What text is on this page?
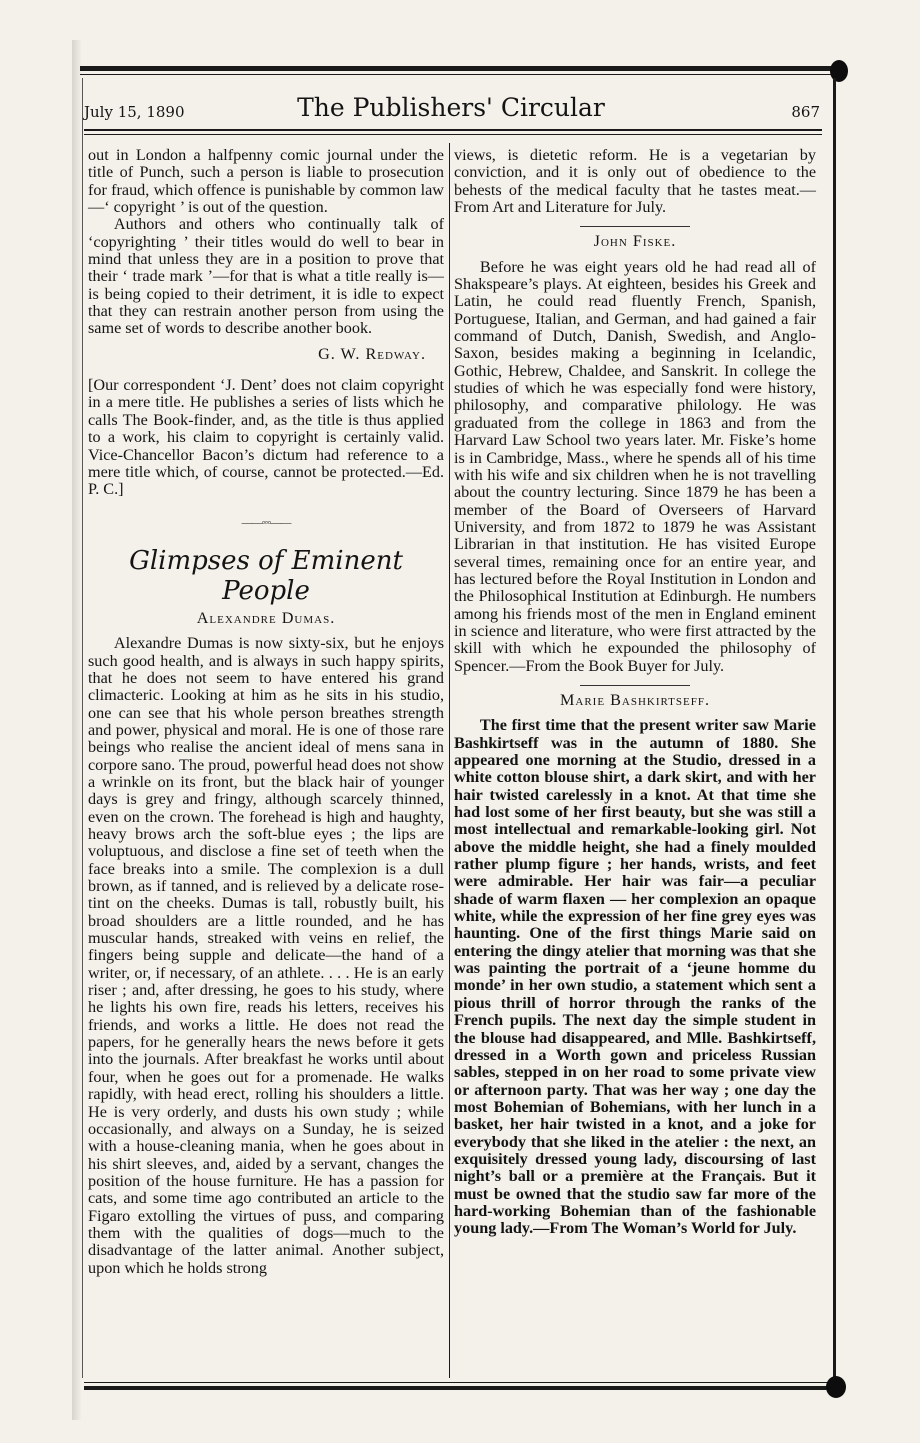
July 15, 1890	The Publishers' Circular	867

out in London a halfpenny comic journal under the title of Punch, such a person is liable to prosecution for fraud, which offence is punishable by common law—‘ copyright ’ is out of the question.

Authors and others who continually talk of ‘copyrighting ’ their titles would do well to bear in mind that unless they are in a position to prove that their ‘ trade mark ’—for that is what a title really is—is being copied to their detriment, it is idle to expect that they can restrain another person from using the same set of words to describe another book.

G. W. Redway.

[Our correspondent ‘J. Dent’ does not claim copyright in a mere title. He publishes a series of lists which he calls The Book-finder, and, as the title is thus applied to a work, his claim to copyright is certainly valid. Vice-Chancellor Bacon’s dictum had reference to a mere title which, of course, cannot be protected.—Ed. P. C.]

——◦◦◦——
Glimpses of Eminent People
Alexandre Dumas.

Alexandre Dumas is now sixty-six, but he enjoys such good health, and is always in such happy spirits, that he does not seem to have entered his grand climacteric. Looking at him as he sits in his studio, one can see that his whole person breathes strength and power, physical and moral. He is one of those rare beings who realise the ancient ideal of mens sana in corpore sano. The proud, powerful head does not show a wrinkle on its front, but the black hair of younger days is grey and fringy, although scarcely thinned, even on the crown. The forehead is high and haughty, heavy brows arch the soft-blue eyes ; the lips are voluptuous, and disclose a fine set of teeth when the face breaks into a smile. The complexion is a dull brown, as if tanned, and is relieved by a delicate rose-tint on the cheeks. Dumas is tall, robustly built, his broad shoulders are a little rounded, and he has muscular hands, streaked with veins en relief, the fingers being supple and delicate—the hand of a writer, or, if necessary, of an athlete. . . . He is an early riser ; and, after dressing, he goes to his study, where he lights his own fire, reads his letters, receives his friends, and works a little. He does not read the papers, for he generally hears the news before it gets into the journals. After breakfast he works until about four, when he goes out for a promenade. He walks rapidly, with head erect, rolling his shoulders a little. He is very orderly, and dusts his own study ; while occasionally, and always on a Sunday, he is seized with a house-cleaning mania, when he goes about in his shirt sleeves, and, aided by a servant, changes the position of the house furniture. He has a passion for cats, and some time ago contributed an article to the Figaro extolling the virtues of puss, and comparing them with the qualities of dogs—much to the disadvantage of the latter animal. Another subject, upon which he holds strong

views, is dietetic reform. He is a vegetarian by conviction, and it is only out of obedience to the behests of the medical faculty that he tastes meat.—From Art and Literature for July.

John Fiske.

Before he was eight years old he had read all of Shakspeare’s plays. At eighteen, besides his Greek and Latin, he could read fluently French, Spanish, Portuguese, Italian, and German, and had gained a fair command of Dutch, Danish, Swedish, and Anglo-Saxon, besides making a beginning in Icelandic, Gothic, Hebrew, Chaldee, and Sanskrit. In college the studies of which he was especially fond were history, philosophy, and comparative philology. He was graduated from the college in 1863 and from the Harvard Law School two years later. Mr. Fiske’s home is in Cambridge, Mass., where he spends all of his time with his wife and six children when he is not travelling about the country lecturing. Since 1879 he has been a member of the Board of Overseers of Harvard University, and from 1872 to 1879 he was Assistant Librarian in that institution. He has visited Europe several times, remaining once for an entire year, and has lectured before the Royal Institution in London and the Philosophical Institution at Edinburgh. He numbers among his friends most of the men in England eminent in science and literature, who were first attracted by the skill with which he expounded the philosophy of Spencer.—From the Book Buyer for July.

Marie Bashkirtseff.

The first time that the present writer saw Marie Bashkirtseff was in the autumn of 1880. She appeared one morning at the Studio, dressed in a white cotton blouse shirt, a dark skirt, and with her hair twisted carelessly in a knot. At that time she had lost some of her first beauty, but she was still a most intellectual and remarkable-looking girl. Not above the middle height, she had a finely moulded rather plump figure ; her hands, wrists, and feet were admirable. Her hair was fair—a peculiar shade of warm flaxen — her complexion an opaque white, while the expression of her fine grey eyes was haunting. One of the first things Marie said on entering the dingy atelier that morning was that she was painting the portrait of a ‘jeune homme du monde’ in her own studio, a statement which sent a pious thrill of horror through the ranks of the French pupils. The next day the simple student in the blouse had disappeared, and Mlle. Bashkirtseff, dressed in a Worth gown and priceless Russian sables, stepped in on her road to some private view or afternoon party. That was her way ; one day the most Bohemian of Bohemians, with her lunch in a basket, her hair twisted in a knot, and a joke for everybody that she liked in the atelier : the next, an exquisitely dressed young lady, discoursing of last night’s ball or a première at the Français. But it must be owned that the studio saw far more of the hard-working Bohemian than of the fashionable young lady.—From The Woman’s World for July.
